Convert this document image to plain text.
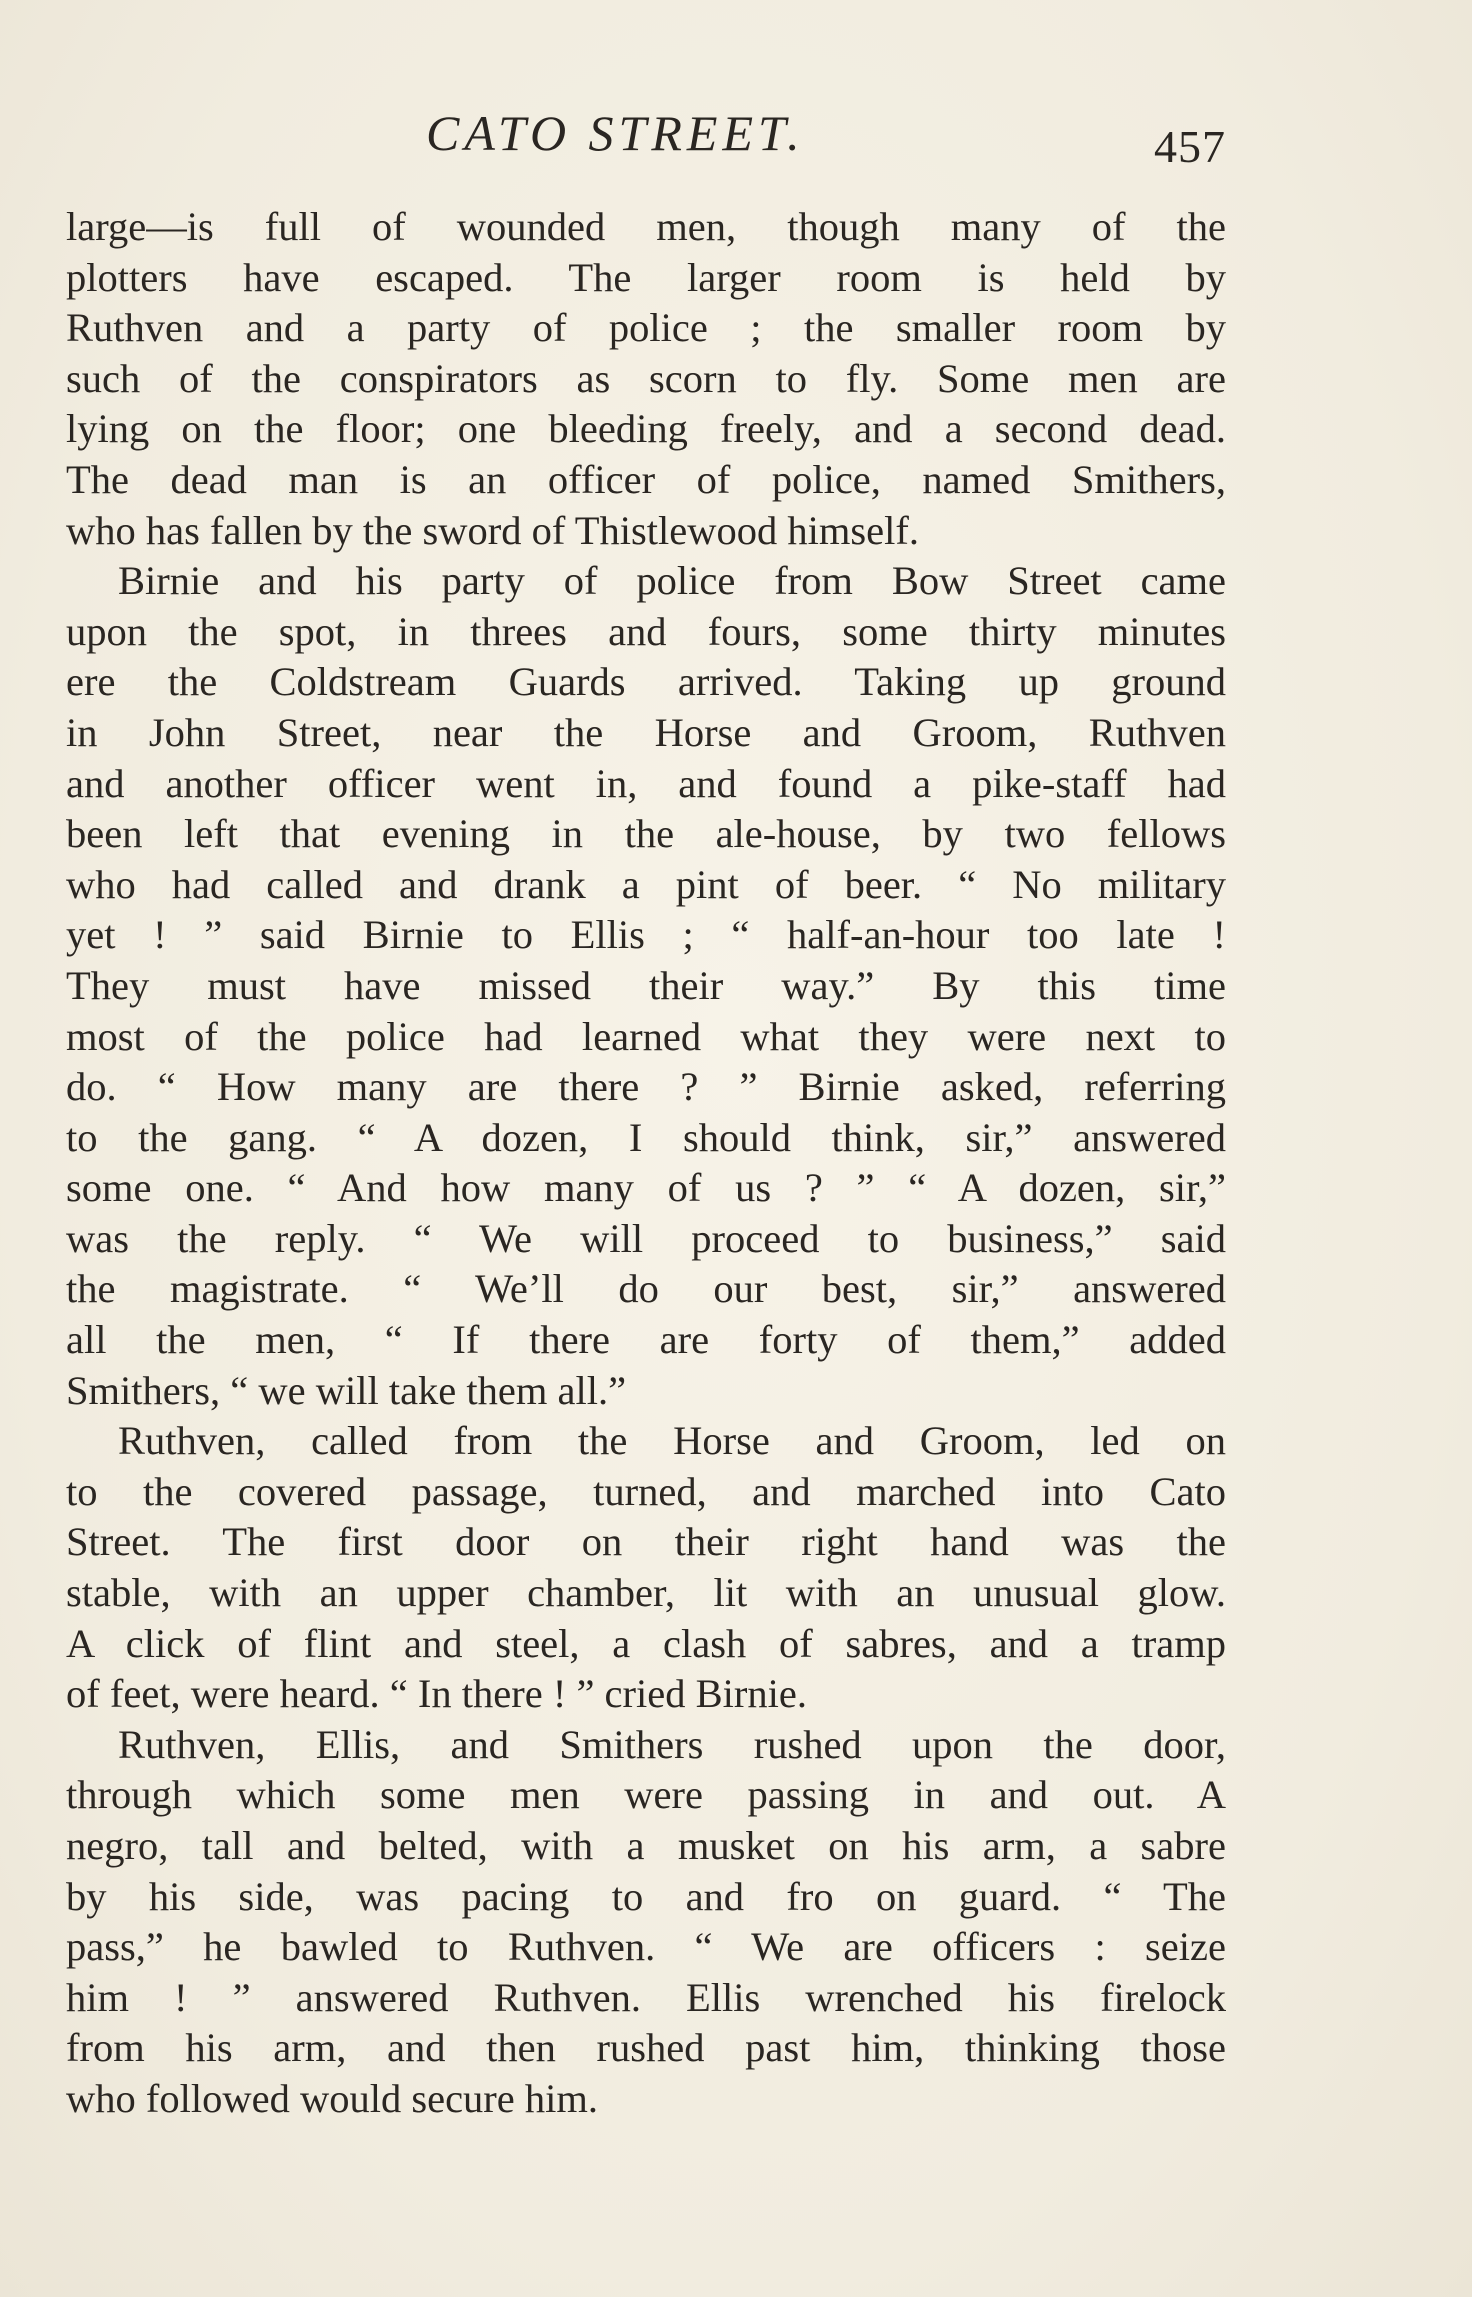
CATO STREET.	457
large—is full of wounded men, though many of the
plotters have escaped. The larger room is held by
Ruthven and a party of police ; the smaller room by
such of the conspirators as scorn to fly. Some men are
lying on the floor; one bleeding freely, and a second dead.
The dead man is an officer of police, named Smithers,
who has fallen by the sword of Thistlewood himself.
Birnie and his party of police from Bow Street came
upon the spot, in threes and fours, some thirty minutes
ere the Coldstream Guards arrived. Taking up ground
in John Street, near the Horse and Groom, Ruthven
and another officer went in, and found a pike-staff had
been left that evening in the ale-house, by two fellows
who had called and drank a pint of beer. “ No military
yet ! ” said Birnie to Ellis ; “ half-an-hour too late !
They must have missed their way.” By this time
most of the police had learned what they were next to
do. “ How many are there ? ” Birnie asked, referring
to the gang. “ A dozen, I should think, sir,” answered
some one. “ And how many of us ? ” “ A dozen, sir,”
was the reply. “ We will proceed to business,” said
the magistrate. “ We’ll do our best, sir,” answered
all the men, “ If there are forty of them,” added
Smithers, “ we will take them all.”
Ruthven, called from the Horse and Groom, led on
to the covered passage, turned, and marched into Cato
Street. The first door on their right hand was the
stable, with an upper chamber, lit with an unusual glow.
A click of flint and steel, a clash of sabres, and a tramp
of feet, were heard. “ In there ! ” cried Birnie.
Ruthven, Ellis, and Smithers rushed upon the door,
through which some men were passing in and out. A
negro, tall and belted, with a musket on his arm, a sabre
by his side, was pacing to and fro on guard. “ The
pass,” he bawled to Ruthven. “ We are officers : seize
him ! ” answered Ruthven. Ellis wrenched his firelock
from his arm, and then rushed past him, thinking those
who followed would secure him.
